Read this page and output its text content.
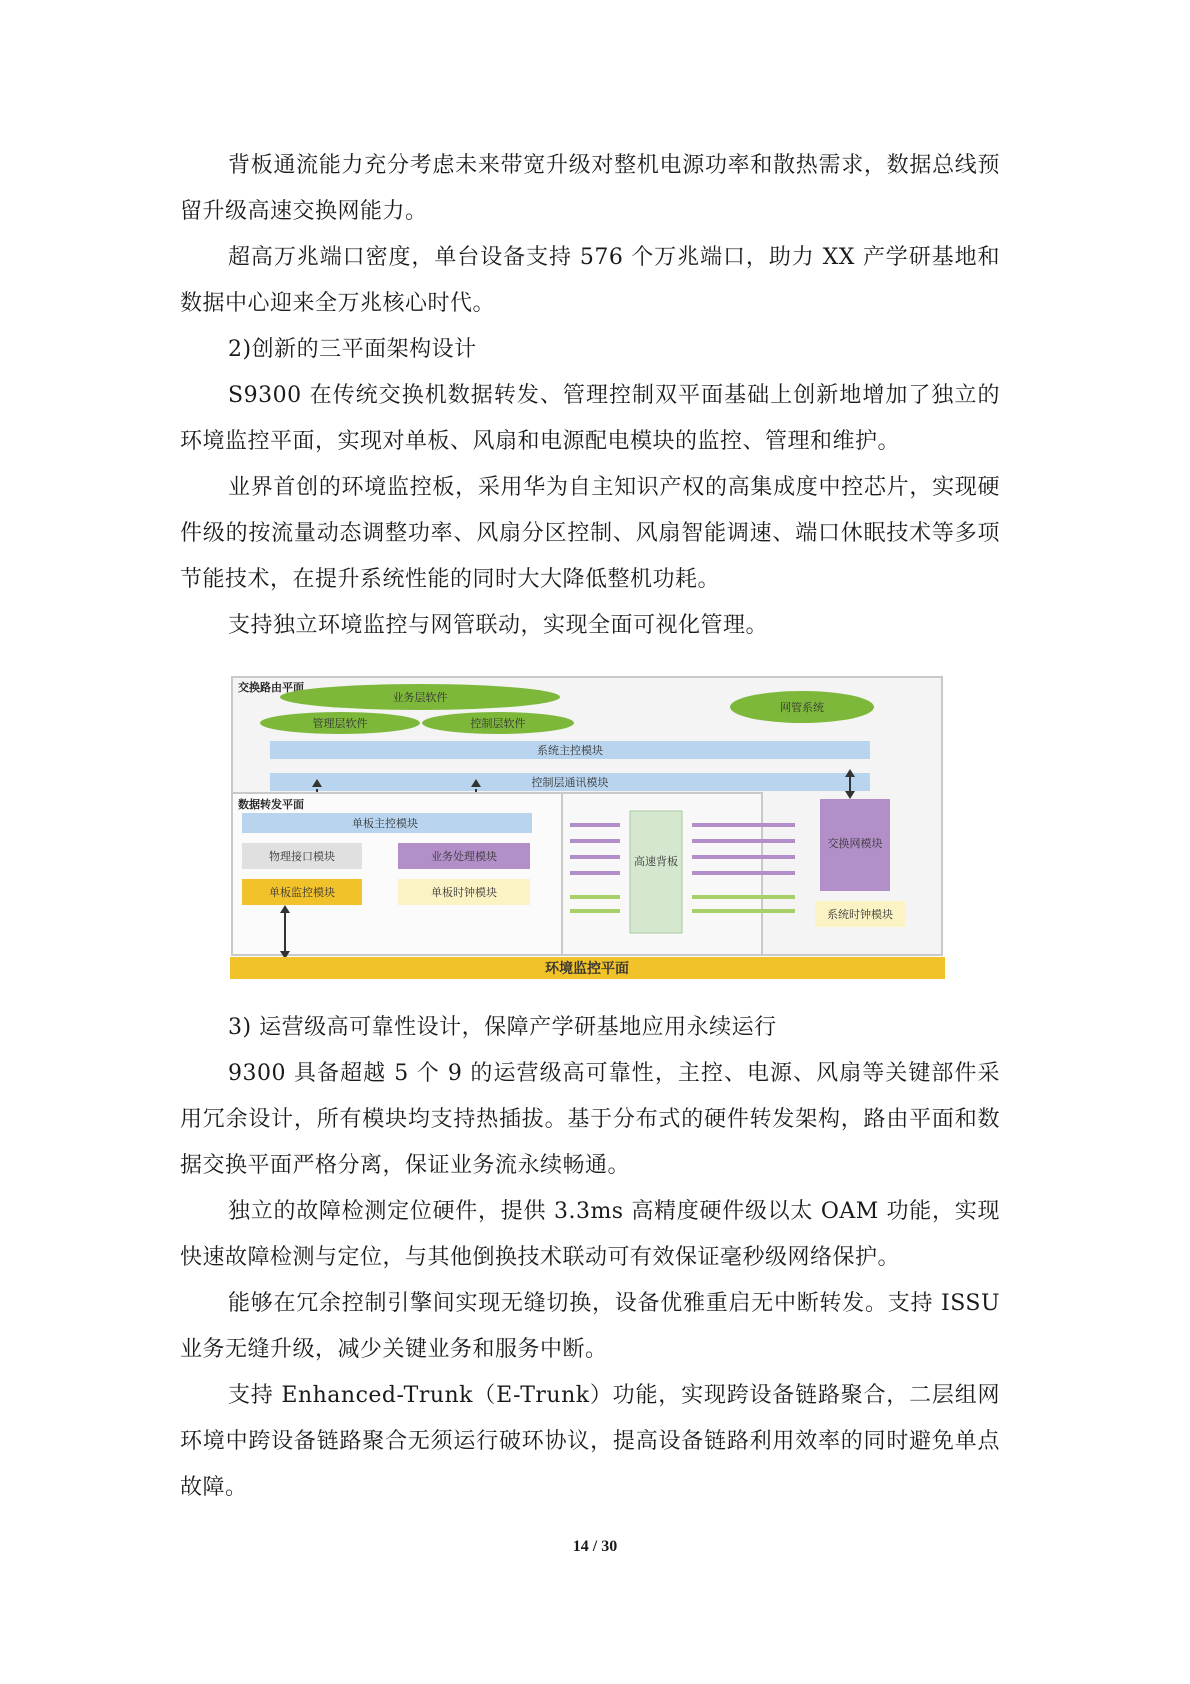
背板通流能力充分考虑未来带宽升级对整机电源功率和散热需求，数据总线预留升级高速交换网能力。

超高万兆端口密度，单台设备支持 576 个万兆端口，助力 XX 产学研基地和数据中心迎来全万兆核心时代。

2)创新的三平面架构设计

S9300 在传统交换机数据转发、管理控制双平面基础上创新地增加了独立的环境监控平面，实现对单板、风扇和电源配电模块的监控、管理和维护。

业界首创的环境监控板，采用华为自主知识产权的高集成度中控芯片，实现硬件级的按流量动态调整功率、风扇分区控制、风扇智能调速、端口休眠技术等多项节能技术，在提升系统性能的同时大大降低整机功耗。

支持独立环境监控与网管联动，实现全面可视化管理。

交换路由平面
业务层软件
管理层软件	控制层软件
网管系统
系统主控模块
控制层通讯模块
数据转发平面
单板主控模块
物理接口模块	业务处理模块
单板监控模块	单板时钟模块
高速背板
交换网模块
系统时钟模块
环境监控平面

3) 运营级高可靠性设计，保障产学研基地应用永续运行

9300 具备超越 5 个 9 的运营级高可靠性，主控、电源、风扇等关键部件采用冗余设计，所有模块均支持热插拔。基于分布式的硬件转发架构，路由平面和数据交换平面严格分离，保证业务流永续畅通。

独立的故障检测定位硬件，提供 3.3ms 高精度硬件级以太 OAM 功能，实现快速故障检测与定位，与其他倒换技术联动可有效保证毫秒级网络保护。

能够在冗余控制引擎间实现无缝切换，设备优雅重启无中断转发。支持 ISSU 业务无缝升级，减少关键业务和服务中断。

支持 Enhanced-Trunk（E-Trunk）功能，实现跨设备链路聚合，二层组网环境中跨设备链路聚合无须运行破环协议，提高设备链路利用效率的同时避免单点故障。

14 / 30
